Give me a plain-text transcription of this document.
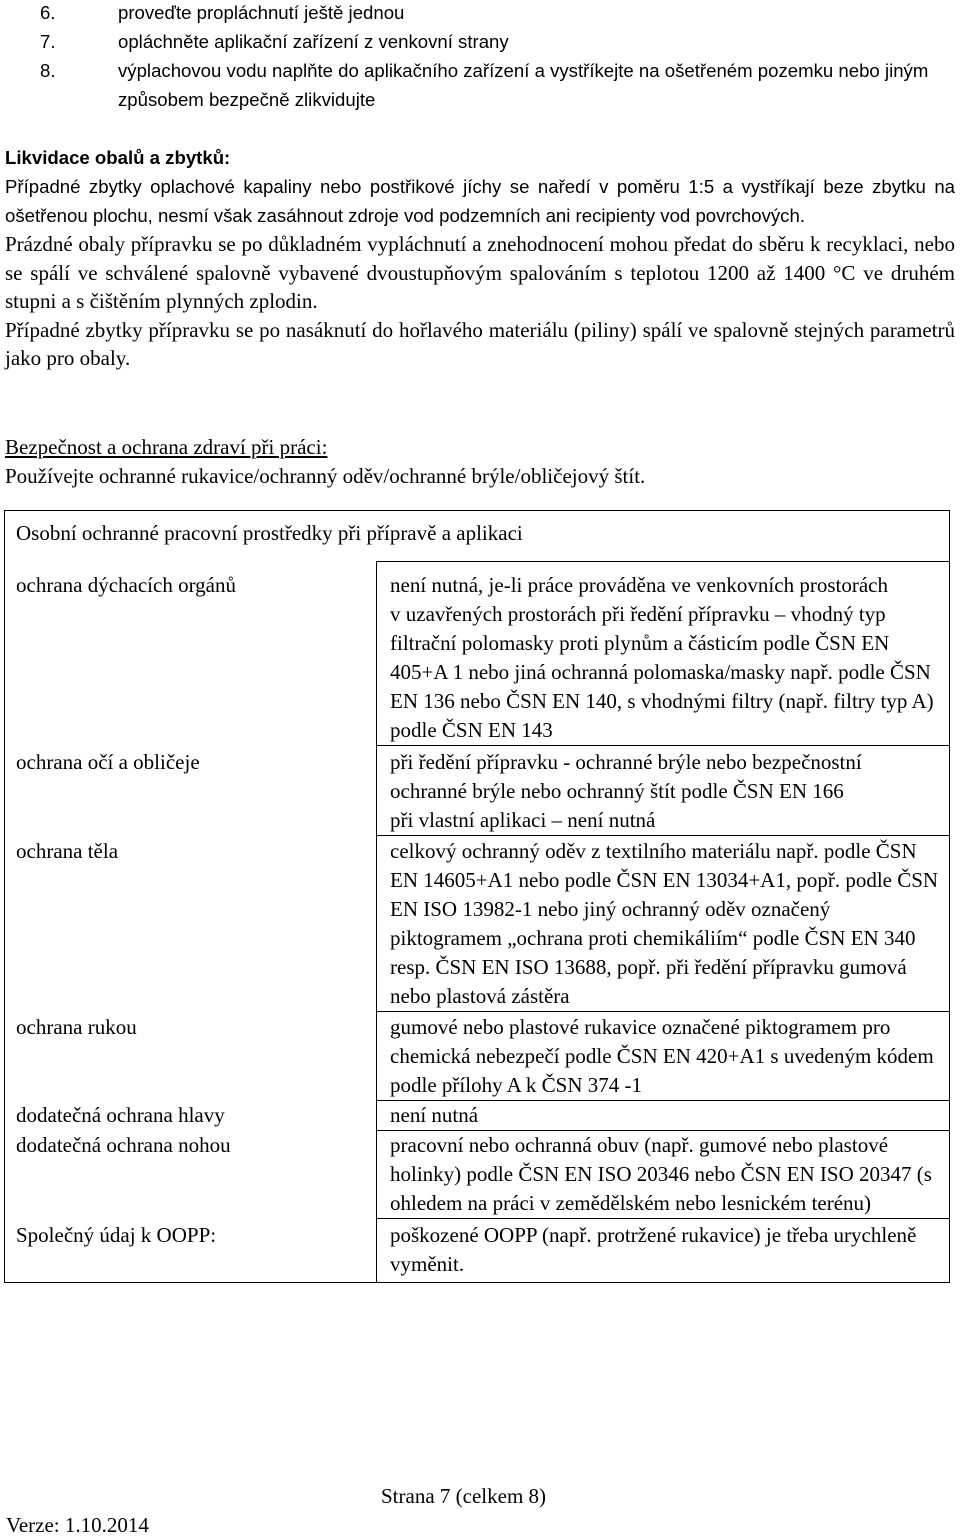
6.	proveďte propláchnutí ještě jednou
7.	opláchněte aplikační zařízení z venkovní strany
8.	výplachovou vodu naplňte do aplikačního zařízení a vystříkejte na ošetřeném pozemku nebo jiným způsobem bezpečně zlikvidujte
Likvidace obalů a zbytků:
Případné zbytky oplachové kapaliny nebo postřikové jíchy se naředí v poměru 1:5 a vystříkají beze zbytku na ošetřenou plochu, nesmí však zasáhnout zdroje vod podzemních ani recipienty vod povrchových.
Prázdné obaly přípravku se po důkladném vypláchnutí a znehodnocení mohou předat do sběru k recyklaci, nebo se spálí ve schválené spalovně vybavené dvoustupňovým spalováním s teplotou 1200 až 1400 °C ve druhém stupni a s čištěním plynných zplodin.
Případné zbytky přípravku se po nasáknutí do hořlavého materiálu (piliny) spálí ve spalovně stejných parametrů jako pro obaly.
Bezpečnost a ochrana zdraví při práci:
Používejte ochranné rukavice/ochranný oděv/ochranné brýle/obličejový štít.
Osobní ochranné pracovní prostředky při přípravě a aplikaci	
ochrana dýchacích orgánů	není nutná, je-li práce prováděna ve venkovních prostorách
v uzavřených prostorách při ředění přípravku – vhodný typ filtrační polomasky proti plynům a částicím podle ČSN EN 405+A 1 nebo jiná ochranná polomaska/masky např. podle ČSN EN 136 nebo ČSN EN 140, s vhodnými filtry (např. filtry typ A) podle ČSN EN 143
ochrana očí a obličeje	při ředění přípravku - ochranné brýle nebo bezpečnostní ochranné brýle nebo ochranný štít podle ČSN EN 166
při vlastní aplikaci – není nutná
ochrana těla	celkový ochranný oděv z textilního materiálu např. podle ČSN EN 14605+A1 nebo podle ČSN EN 13034+A1, popř. podle ČSN EN ISO 13982-1 nebo jiný ochranný oděv označený piktogramem „ochrana proti chemikáliím“ podle ČSN EN 340 resp. ČSN EN ISO 13688, popř. při ředění přípravku gumová nebo plastová zástěra
ochrana rukou	gumové nebo plastové rukavice označené piktogramem pro chemická nebezpečí podle ČSN EN 420+A1 s uvedeným kódem podle přílohy A k ČSN 374 -1
dodatečná ochrana hlavy	není nutná
dodatečná ochrana nohou	pracovní nebo ochranná obuv (např. gumové nebo plastové holinky) podle ČSN EN ISO 20346 nebo ČSN EN ISO 20347 (s ohledem na práci v zemědělském nebo lesnickém terénu)
Společný údaj k OOPP:	poškozené OOPP (např. protržené rukavice) je třeba urychleně vyměnit.
Strana 7 (celkem 8)
Verze: 1.10.2014
